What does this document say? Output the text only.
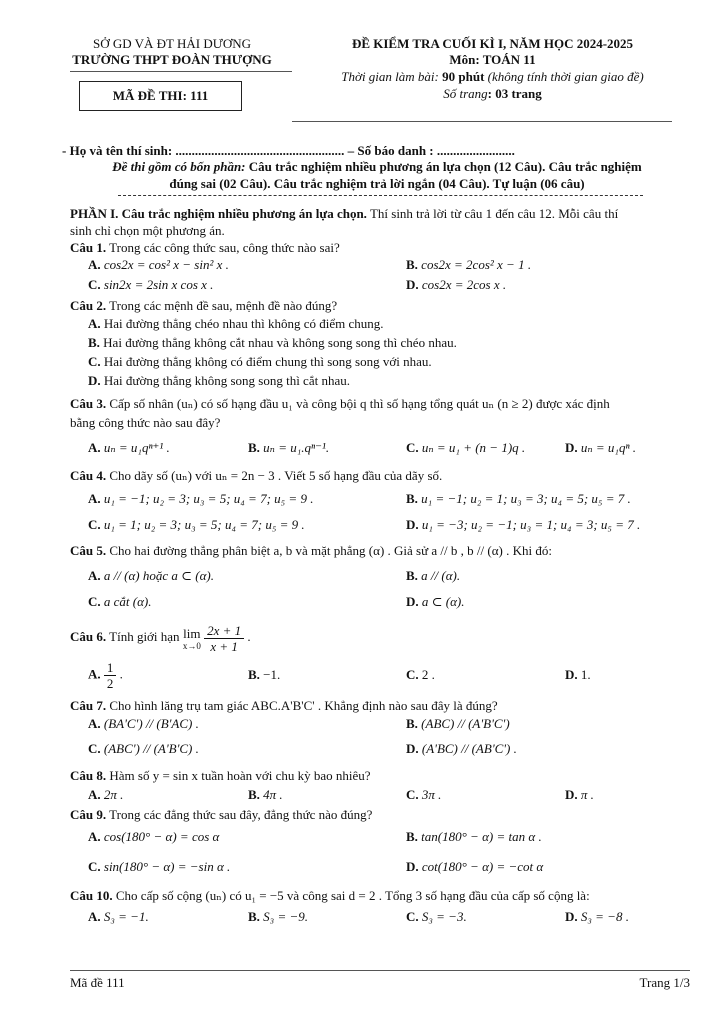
SỞ GD VÀ ĐT HẢI DƯƠNG
TRƯỜNG THPT ĐOÀN THƯỢNG
MÃ ĐỀ THI: 111
ĐỀ KIỂM TRA CUỐI KÌ I, NĂM HỌC 2024-2025
Môn: TOÁN 11
Thời gian làm bài: 90 phút (không tính thời gian giao đề)
Số trang: 03 trang
- Họ và tên thí sinh: .................................................... – Số báo danh : ........................
Đề thi gồm có bốn phần: Câu trắc nghiệm nhiều phương án lựa chọn (12 Câu). Câu trắc nghiệm
đúng sai (02 Câu). Câu trắc nghiệm trả lời ngắn (04 Câu). Tự luận (06 câu)
PHẦN I. Câu trắc nghiệm nhiều phương án lựa chọn. Thí sinh trả lời từ câu 1 đến câu 12. Mỗi câu thí
sinh chỉ chọn một phương án.
Câu 1. Trong các công thức sau, công thức nào sai?
A. cos2x = cos² x − sin² x .	B. cos2x = 2cos² x − 1 .
C. sin2x = 2sin x cos x .	D. cos2x = 2cos x .
Câu 2. Trong các mệnh đề sau, mệnh đề nào đúng?
A. Hai đường thẳng chéo nhau thì không có điểm chung.
B. Hai đường thẳng không cắt nhau và không song song thì chéo nhau.
C. Hai đường thẳng không có điểm chung thì song song với nhau.
D. Hai đường thẳng không song song thì cắt nhau.
Câu 3. Cấp số nhân (uₙ) có số hạng đầu u₁ và công bội q thì số hạng tổng quát uₙ (n ≥ 2) được xác định
bằng công thức nào sau đây?
A. uₙ = u₁qⁿ⁺¹ .	B. uₙ = u₁.qⁿ⁻¹.	C. uₙ = u₁ + (n − 1)q .	D. uₙ = u₁qⁿ .
Câu 4. Cho dãy số (uₙ) với uₙ = 2n − 3 . Viết 5 số hạng đầu của dãy số.
A. u₁ = −1; u₂ = 3; u₃ = 5; u₄ = 7; u₅ = 9 .	B. u₁ = −1; u₂ = 1; u₃ = 3; u₄ = 5; u₅ = 7 .
C. u₁ = 1; u₂ = 3; u₃ = 5; u₄ = 7; u₅ = 9 .	D. u₁ = −3; u₂ = −1; u₃ = 1; u₄ = 3; u₅ = 7 .
Câu 5. Cho hai đường thẳng phân biệt a, b và mặt phẳng (α) . Giả sử a // b , b // (α) . Khi đó:
A. a // (α) hoặc a ⊂ (α).	B. a // (α).
C. a cắt (α).	D. a ⊂ (α).
Câu 6. Tính giới hạn lim
x→0
$\frac{2x + 1}{x + 1}$ .
A. $\frac{1}{2}$ .	B. −1.	C. 2 .	D. 1.
Câu 7. Cho hình lăng trụ tam giác ABC.A'B'C' . Khẳng định nào sau đây là đúng?
A. (BA'C') // (B'AC) .	B. (ABC) // (A'B'C')
C. (ABC') // (A'B'C) .	D. (A'BC) // (AB'C') .
Câu 8. Hàm số y = sin x tuần hoàn với chu kỳ bao nhiêu?
A. 2π .	B. 4π .	C. 3π .	D. π .
Câu 9. Trong các đẳng thức sau đây, đẳng thức nào đúng?
A. cos(180° − α) = cos α	B. tan(180° − α) = tan α .
C. sin(180° − α) = −sin α .	D. cot(180° − α) = −cot α
Câu 10. Cho cấp số cộng (uₙ) có u₁ = −5 và công sai d = 2 . Tổng 3 số hạng đầu của cấp số cộng là:
A. S₃ = −1.	B. S₃ = −9.	C. S₃ = −3.	D. S₃ = −8 .
Mã đề 111	Trang 1/3
